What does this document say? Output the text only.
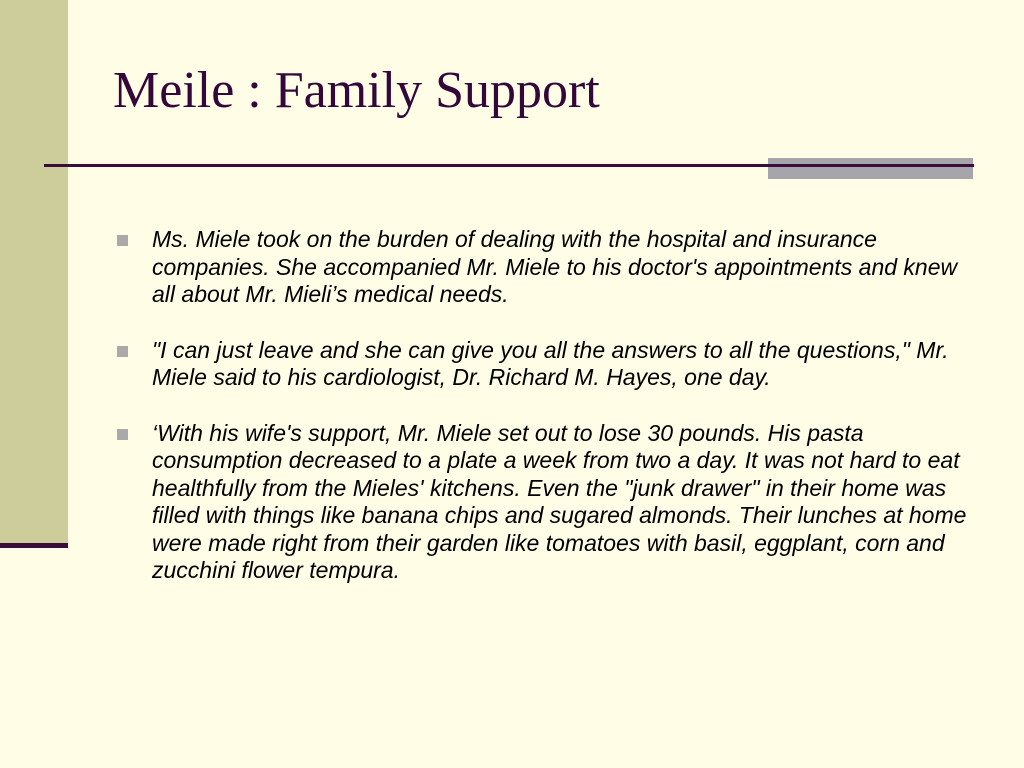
Meile : Family Support
Ms. Miele took on the burden of dealing with the hospital and insurance companies. She accompanied Mr. Miele to his doctor's appointments and knew all about Mr. Mieli’s medical needs.
"I can just leave and she can give you all the answers to all the questions," Mr. Miele said to his cardiologist, Dr. Richard M. Hayes, one day.
‘With his wife's support, Mr. Miele set out to lose 30 pounds. His pasta consumption decreased to a plate a week from two a day. It was not hard to eat healthfully from the Mieles' kitchens. Even the "junk drawer" in their home was filled with things like banana chips and sugared almonds. Their lunches at home were made right from their garden like tomatoes with basil, eggplant, corn and zucchini flower tempura.
